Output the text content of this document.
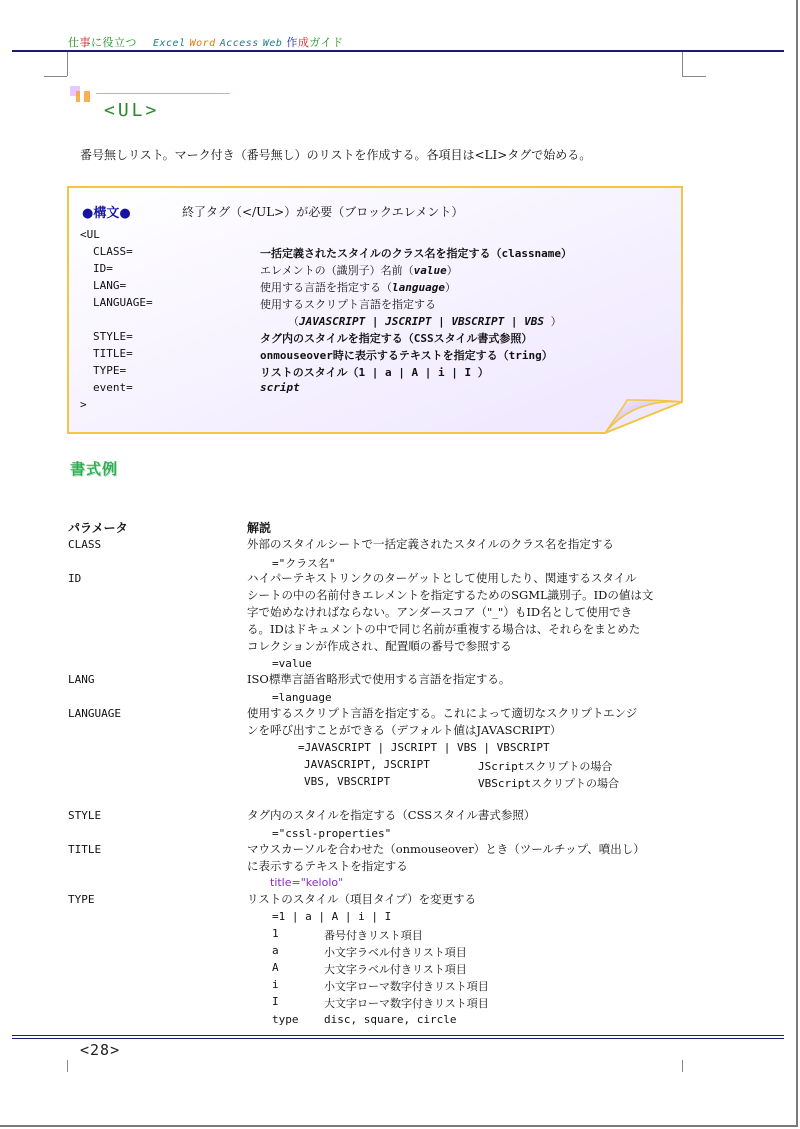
仕事に役立つ Excel Word Access Web 作成ガイド
<UL>
番号無しリスト。マーク付き（番号無し）のリストを作成する。各項目は<LI>タグで始める。
●構文●	終了タグ（</UL>）が必要（ブロックエレメント）
<UL
CLASS=	一括定義されたスタイルのクラス名を指定する（classname）
ID=	エレメントの（識別子）名前（value）
LANG=	使用する言語を指定する（language）
LANGUAGE=	使用するスクリプト言語を指定する
（JAVASCRIPT | JSCRIPT | VBSCRIPT | VBS ）
STYLE=	タグ内のスタイルを指定する（CSSスタイル書式参照）
TITLE=	onmouseover時に表示するテキストを指定する（tring）
TYPE=	リストのスタイル（1 | a | A | i | I ）
event=	script
>
書式例
パラメータ	解説
CLASS	外部のスタイルシートで一括定義されたスタイルのクラス名を指定する
="クラス名"
ID	ハイパーテキストリンクのターゲットとして使用したり、関連するスタイル
シートの中の名前付きエレメントを指定するためのSGML識別子。IDの値は文
字で始めなければならない。アンダースコア（"_"）もID名として使用でき
る。IDはドキュメントの中で同じ名前が重複する場合は、それらをまとめた
コレクションが作成され、配置順の番号で参照する
=value
LANG	ISO標準言語省略形式で使用する言語を指定する。
=language
LANGUAGE	使用するスクリプト言語を指定する。これによって適切なスクリプトエンジ
ンを呼び出すことができる（デフォルト値はJAVASCRIPT）
=JAVASCRIPT | JSCRIPT | VBS | VBSCRIPT
JAVASCRIPT, JSCRIPT	JScriptスクリプトの場合
VBS, VBSCRIPT	VBScriptスクリプトの場合
STYLE	タグ内のスタイルを指定する（CSSスタイル書式参照）
="cssl-properties"
TITLE	マウスカーソルを合わせた（onmouseover）とき（ツールチップ、噴出し）
に表示するテキストを指定する
title="kelolo"
TYPE	リストのスタイル（項目タイプ）を変更する
=1 | a | A | i | I
1	番号付きリスト項目
a	小文字ラベル付きリスト項目
A	大文字ラベル付きリスト項目
i	小文字ローマ数字付きリスト項目
I	大文字ローマ数字付きリスト項目
type disc, square, circle
<28>
